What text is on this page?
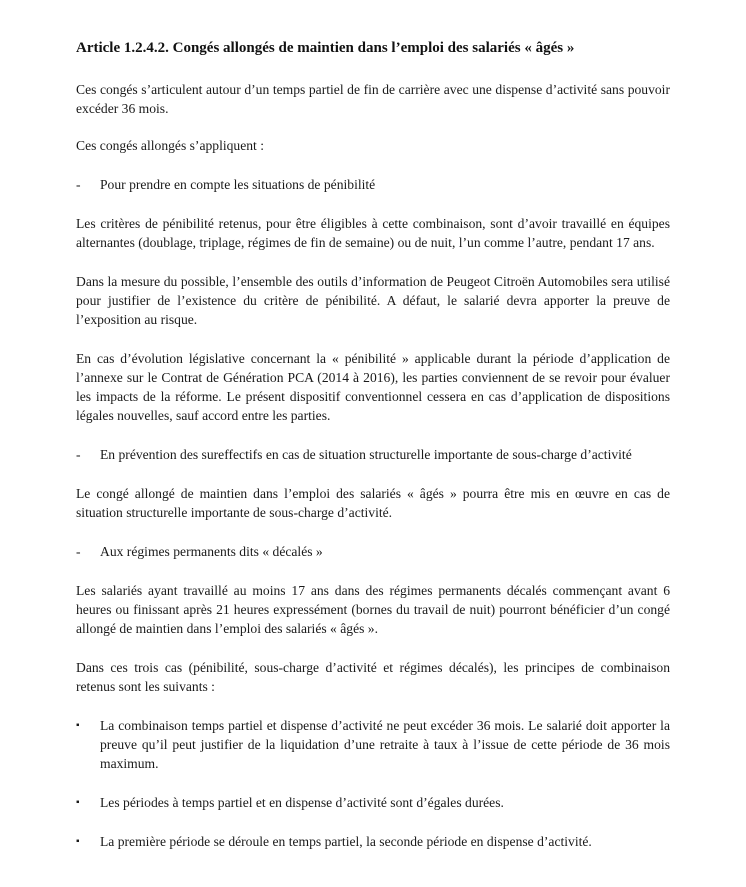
Article 1.2.4.2. Congés allongés de maintien dans l’emploi des salariés « âgés »

Ces congés s’articulent autour d’un temps partiel de fin de carrière avec une dispense d’activité sans pouvoir excéder 36 mois.

Ces congés allongés s’appliquent :

-	Pour prendre en compte les situations de pénibilité

Les critères de pénibilité retenus, pour être éligibles à cette combinaison, sont d’avoir travaillé en équipes alternantes (doublage, triplage, régimes de fin de semaine) ou de nuit, l’un comme l’autre, pendant 17 ans.

Dans la mesure du possible, l’ensemble des outils d’information de Peugeot Citroën Automobiles sera utilisé pour justifier de l’existence du critère de pénibilité. A défaut, le salarié devra apporter la preuve de l’exposition au risque.

En cas d’évolution législative concernant la « pénibilité » applicable durant la période d’application de l’annexe sur le Contrat de Génération PCA (2014 à 2016), les parties conviennent de se revoir pour évaluer les impacts de la réforme. Le présent dispositif conventionnel cessera en cas d’application de dispositions légales nouvelles, sauf accord entre les parties.

-	En prévention des sureffectifs en cas de situation structurelle importante de sous-charge d’activité

Le congé allongé de maintien dans l’emploi des salariés « âgés » pourra être mis en œuvre en cas de situation structurelle importante de sous-charge d’activité.

-	Aux régimes permanents dits « décalés »

Les salariés ayant travaillé au moins 17 ans dans des régimes permanents décalés commençant avant 6 heures ou finissant après 21 heures expressément (bornes du travail de nuit) pourront bénéficier d’un congé allongé de maintien dans l’emploi des salariés « âgés ».

Dans ces trois cas (pénibilité, sous-charge d’activité et régimes décalés), les principes de combinaison retenus sont les suivants :

▪	La combinaison temps partiel et dispense d’activité ne peut excéder 36 mois. Le salarié doit apporter la preuve qu’il peut justifier de la liquidation d’une retraite à taux à l’issue de cette période de 36 mois maximum.

▪	Les périodes à temps partiel et en dispense d’activité sont d’égales durées.

▪	La première période se déroule en temps partiel, la seconde période en dispense d’activité.
